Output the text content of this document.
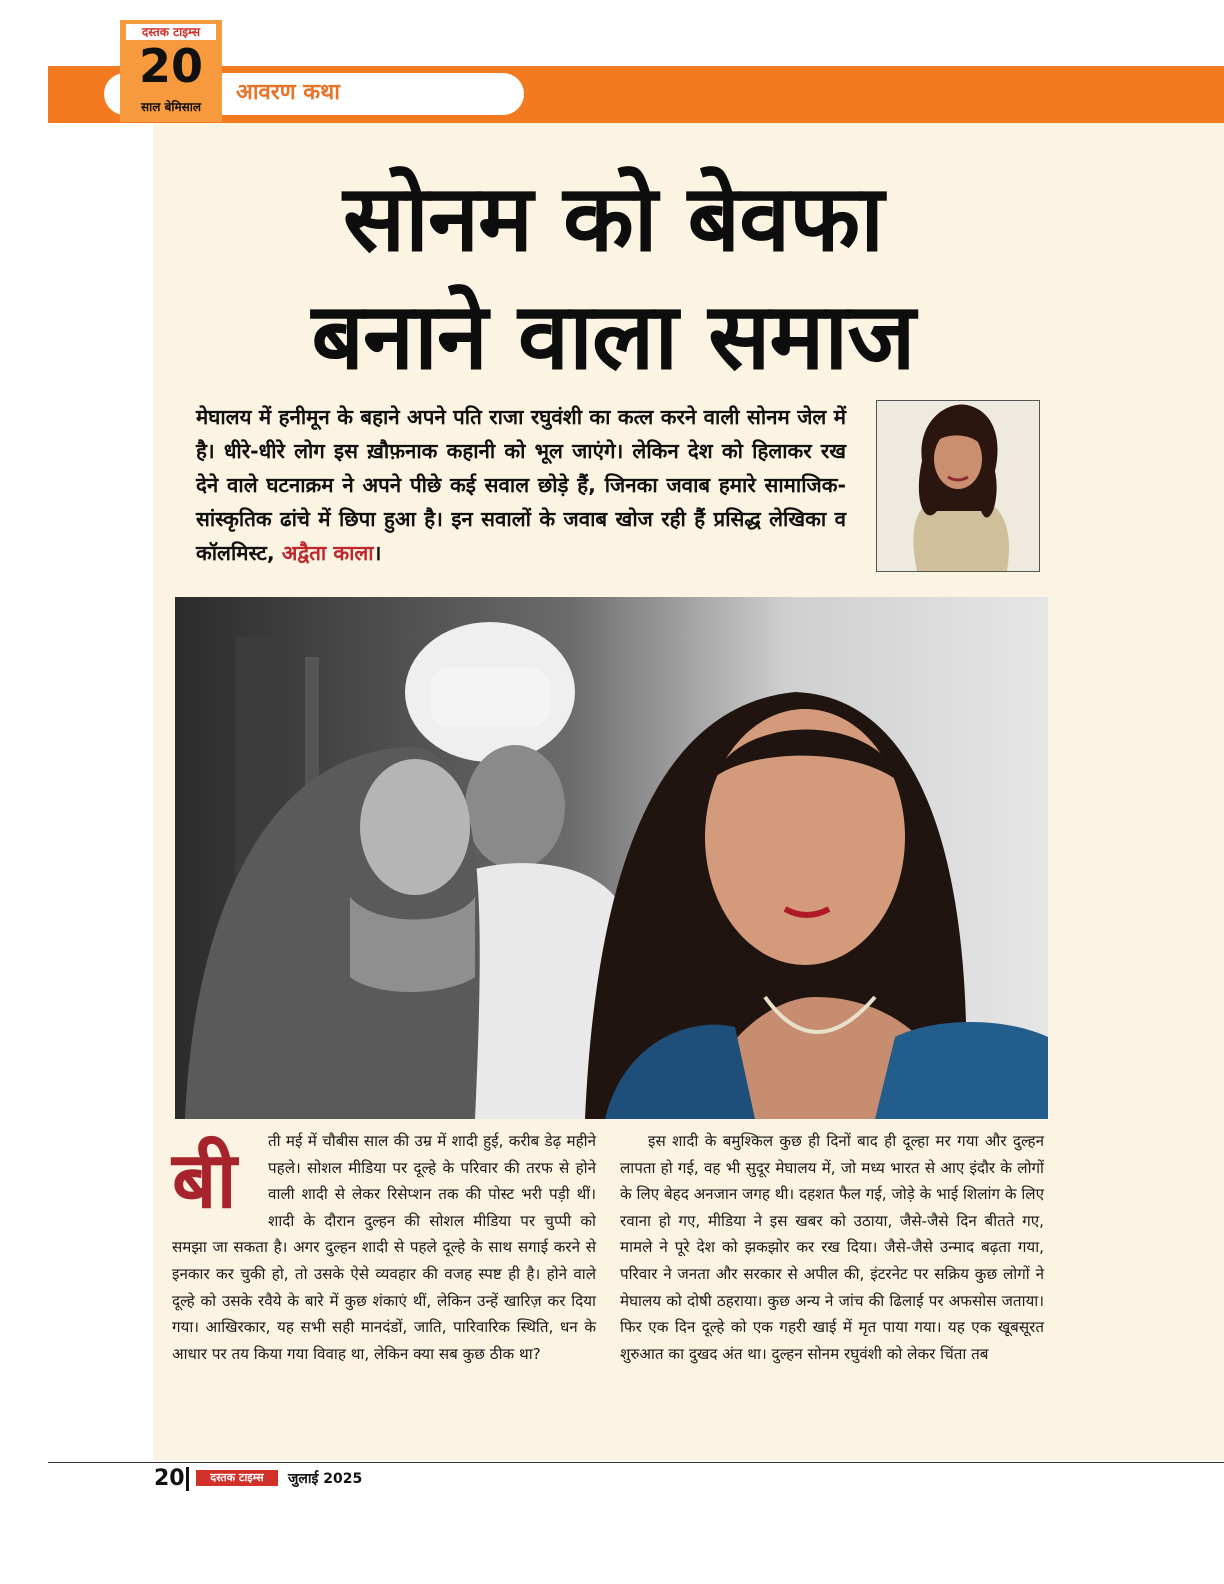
आवरण कथा
दस्तक टाइम्स
20
साल बेमिसाल
सोनम को बेवफा
बनाने वाला समाज

मेघालय में हनीमून के बहाने अपने पति राजा रघुवंशी का कत्ल करने वाली सोनम जेल में है। धीरे-धीरे लोग इस ख़ौफ़नाक कहानी को भूल जाएंगे। लेकिन देश को हिलाकर रख देने वाले घटनाक्रम ने अपने पीछे कई सवाल छोड़े हैं, जिनका जवाब हमारे सामाजिक-सांस्कृतिक ढांचे में छिपा हुआ है। इन सवालों के जवाब खोज रही हैं प्रसिद्ध लेखिका व कॉलमिस्ट, अद्वैता काला।

बी	ती मई में चौबीस साल की उम्र में शादी हुई, करीब डेढ़ महीने पहले। सोशल मीडिया पर दूल्हे के परिवार की तरफ से होने वाली शादी से लेकर रिसेप्शन तक की पोस्ट भरी पड़ी थीं। शादी के दौरान दुल्हन की सोशल मीडिया पर चुप्पी को समझा जा सकता है। अगर दुल्हन शादी से पहले दूल्हे के साथ सगाई करने से इनकार कर चुकी हो, तो उसके ऐसे व्यवहार की वजह स्पष्ट ही है। होने वाले दूल्हे को उसके रवैये के बारे में कुछ शंकाएं थीं, लेकिन उन्हें खारिज़ कर दिया गया। आखिरकार, यह सभी सही मानदंडों, जाति, पारिवारिक स्थिति, धन के आधार पर तय किया गया विवाह था, लेकिन क्या सब कुछ ठीक था?

इस शादी के बमुश्किल कुछ ही दिनों बाद ही दूल्हा मर गया और दुल्हन लापता हो गई, वह भी सुदूर मेघालय में, जो मध्य भारत से आए इंदौर के लोगों के लिए बेहद अनजान जगह थी। दहशत फैल गई, जोड़े के भाई शिलांग के लिए रवाना हो गए, मीडिया ने इस खबर को उठाया, जैसे-जैसे दिन बीतते गए, मामले ने पूरे देश को झकझोर कर रख दिया। जैसे-जैसे उन्माद बढ़ता गया, परिवार ने जनता और सरकार से अपील की, इंटरनेट पर सक्रिय कुछ लोगों ने मेघालय को दोषी ठहराया। कुछ अन्य ने जांच की ढिलाई पर अफसोस जताया। फिर एक दिन दूल्हे को एक गहरी खाई में मृत पाया गया। यह एक खूबसूरत शुरुआत का दुखद अंत था। दुल्हन सोनम रघुवंशी को लेकर चिंता तब

20	दस्तक टाइम्स	जुलाई 2025
